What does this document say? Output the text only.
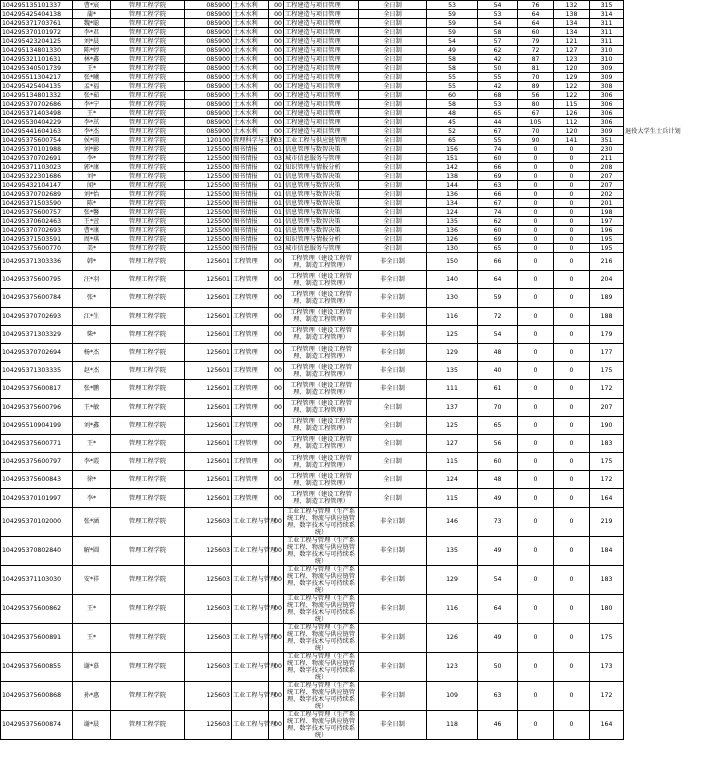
10429513510133​7	曹*宸	管理工程学院	085900	土木水利	00	工程建造与项目管理	全日制	53	54	76	132	315	
104295425404138	蒲*	管理工程学院	085900	土木水利	00	工程建造与项目管理	全日制	59	53	64	138	314	
104295371703761	魏*聪	管理工程学院	085900	土木水利	00	工程建造与项目管理	全日制	59	54	64	134	311	
104295370101972	李*君	管理工程学院	085900	土木水利	00	工程建造与项目管理	全日制	59	58	60	134	311	
104295423204125	刘*晨	管理工程学院	085900	土木水利	00	工程建造与项目管理	全日制	54	57	79	121	311	
104295134801330	陈*婷	管理工程学院	085900	土木水利	00	工程建造与项目管理	全日制	49	62	72	127	310	
104295321101631	林*鑫	管理工程学院	085900	土木水利	00	工程建造与项目管理	全日制	58	42	87	123	310	
104295340501739	王*	管理工程学院	085900	土木水利	00	工程建造与项目管理	全日制	58	50	81	120	309	
104295511304217	张*曦	管理工程学院	085900	土木水利	00	工程建造与项目管理	全日制	55	55	70	129	309	
104295425404135	孟*福	管理工程学院	085900	土木水利	00	工程建造与项目管理	全日制	55	42	89	122	308	
104295134801332	张*茹	管理工程学院	085900	土木水利	00	工程建造与项目管理	全日制	60	68	56	122	306	
104295370702686	李*宁	管理工程学院	085900	土木水利	00	工程建造与项目管理	全日制	58	53	80	115	306	
104295371403498	王*	管理工程学院	085900	土木水利	00	工程建造与项目管理	全日制	48	65	67	126	306	
104295530404229	李*茁	管理工程学院	085900	土木水利	00	工程建造与项目管理	全日制	45	44	105	112	306	
104295441604163	李*杰	管理工程学院	085900	土木水利	00	工程建造与项目管理	全日制	52	67	70	120	309	退役大学生士兵计划
104295375600754	侯*雨	管理工程学院	120100	管理科学与工程	03	工业工程与供应链管理	全日制	65	55	90	141	351	
104295370101988	刘*影	管理工程学院	125500	图书情报	01	信息管理与数智决策	全日制	156	74	0	0	230	
104295370702691	李*	管理工程学院	125500	图书情报	03	城市信息服务与管理	全日制	151	60	0	0	211	
104295371103023	郭*康	管理工程学院	125500	图书情报	02	知识管理与情报分析	全日制	142	66	0	0	208	
104295322301686	刘*	管理工程学院	125500	图书情报	01	信息管理与数智决策	全日制	138	69	0	0	207	
104295432104147	闻*	管理工程学院	125500	图书情报	01	信息管理与数智决策	全日制	144	63	0	0	207	
104295370702689	刘*怡	管理工程学院	125500	图书情报	01	信息管理与数智决策	全日制	136	66	0	0	202	
104295371503590	陈*	管理工程学院	125500	图书情报	01	信息管理与数智决策	全日制	134	67	0	0	201	
104295375600757	张*馨	管理工程学院	125500	图书情报	01	信息管理与数智决策	全日制	124	74	0	0	198	
104295370602463	王*萱	管理工程学院	125500	图书情报	01	信息管理与数智决策	全日制	135	62	0	0	197	
104295370702693	曹*康	管理工程学院	125500	图书情报	01	信息管理与数智决策	全日制	136	60	0	0	196	
104295371503591	周*琪	管理工程学院	125500	图书情报	02	知识管理与情报分析	全日制	126	69	0	0	195	
104295375600770	美*	管理工程学院	125500	图书情报	03	城市信息服务与管理	全日制	130	65	0	0	195	
104295371303336	韩*	管理工程学院	125601	工程管理	00	工程管理（建设工程管理、制造工程管理）	非全日制	150	66	0	0	216	
104295375600795	汪*羽	管理工程学院	125601	工程管理	00	工程管理（建设工程管理、制造工程管理）	非全日制	140	64	0	0	204	
104295375600784	张*	管理工程学院	125601	工程管理	00	工程管理（建设工程管理、制造工程管理）	非全日制	130	59	0	0	189	
104295370702693	江*生	管理工程学院	125601	工程管理	00	工程管理（建设工程管理、制造工程管理）	非全日制	116	72	0	0	188	
104295371303329	柴*	管理工程学院	125601	工程管理	00	工程管理（建设工程管理、制造工程管理）	非全日制	125	54	0	0	179	
104295370702694	杨*杰	管理工程学院	125601	工程管理	00	工程管理（建设工程管理、制造工程管理）	非全日制	129	48	0	0	177	
104295371303335	赵*杰	管理工程学院	125601	工程管理	00	工程管理（建设工程管理、制造工程管理）	非全日制	135	40	0	0	175	
104295375600817	张*鹏	管理工程学院	125601	工程管理	00	工程管理（建设工程管理、制造工程管理）	非全日制	111	61	0	0	172	
104295375600796	王*敏	管理工程学院	125601	工程管理	00	工程管理（建设工程管理、制造工程管理）	全日制	137	70	0	0	207	
104295510904199	刘*鑫	管理工程学院	125601	工程管理	00	工程管理（建设工程管理、制造工程管理）	全日制	125	65	0	0	190	
104295375600771	王*	管理工程学院	125601	工程管理	00	工程管理（建设工程管理、制造工程管理）	全日制	127	56	0	0	183	
104295375600797	李*霞	管理工程学院	125601	工程管理	00	工程管理（建设工程管理、制造工程管理）	全日制	115	60	0	0	175	
104295375600843	徐*	管理工程学院	125601	工程管理	00	工程管理（建设工程管理、制造工程管理）	全日制	124	48	0	0	172	
104295370101997	李*	管理工程学院	125601	工程管理	00	工程管理（建设工程管理、制造工程管理）	全日制	115	49	0	0	164	
104295370102000	张*涵	管理工程学院	125603	工业工程与管理	00	工业工程与管理（生产系统工程、物流与供应链管理、数字技术与可持续系统）	非全日制	146	73	0	0	219	
104295370802840	解*圆	管理工程学院	125603	工业工程与管理	00	工业工程与管理（生产系统工程、物流与供应链管理、数字技术与可持续系统）	非全日制	135	49	0	0	184	
104295371103030	安*祥	管理工程学院	125603	工业工程与管理	00	工业工程与管理（生产系统工程、物流与供应链管理、数字技术与可持续系统）	非全日制	129	54	0	0	183	
104295375600862	王*	管理工程学院	125603	工业工程与管理	00	工业工程与管理（生产系统工程、物流与供应链管理、数字技术与可持续系统）	非全日制	116	64	0	0	180	
104295375600891	王*	管理工程学院	125603	工业工程与管理	00	工业工程与管理（生产系统工程、物流与供应链管理、数字技术与可持续系统）	非全日制	126	49	0	0	175	
104295375600855	谢*慕	管理工程学院	125603	工业工程与管理	00	工业工程与管理（生产系统工程、物流与供应链管理、数字技术与可持续系统）	非全日制	123	50	0	0	173	
104295375600868	孙*惠	管理工程学院	125603	工业工程与管理	00	工业工程与管理（生产系统工程、物流与供应链管理、数字技术与可持续系统）	非全日制	109	63	0	0	172	
104295375600874	谢*晨	管理工程学院	125603	工业工程与管理	00	工业工程与管理（生产系统工程、物流与供应链管理、数字技术与可持续系统）	非全日制	118	46	0	0	164	
